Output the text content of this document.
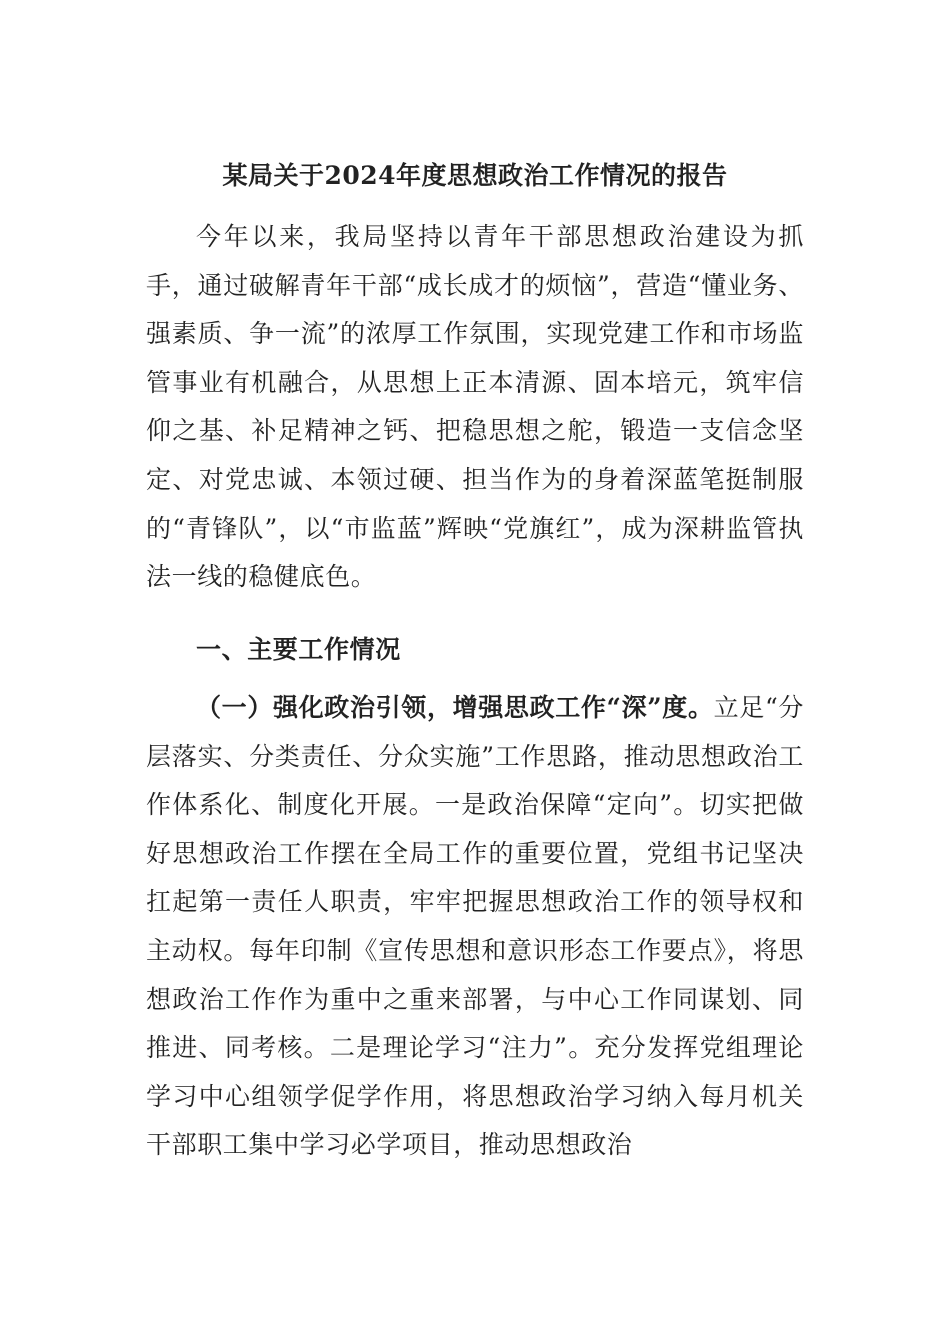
某局关于2024年度思想政治工作情况的报告

今年以来，我局坚持以青年干部思想政治建设为抓手，通过破解青年干部“成长成才的烦恼”，营造“懂业务、强素质、争一流”的浓厚工作氛围，实现党建工作和市场监管事业有机融合，从思想上正本清源、固本培元，筑牢信仰之基、补足精神之钙、把稳思想之舵，锻造一支信念坚定、对党忠诚、本领过硬、担当作为的身着深蓝笔挺制服的“青锋队”，以“市监蓝”辉映“党旗红”，成为深耕监管执法一线的稳健底色。

一、主要工作情况

（一）强化政治引领，增强思政工作“深”度。立足“分层落实、分类责任、分众实施”工作思路，推动思想政治工作体系化、制度化开展。一是政治保障“定向”。切实把做好思想政治工作摆在全局工作的重要位置，党组书记坚决扛起第一责任人职责，牢牢把握思想政治工作的领导权和主动权。每年印制《宣传思想和意识形态工作要点》，将思想政治工作作为重中之重来部署，与中心工作同谋划、同推进、同考核。二是理论学习“注力”。充分发挥党组理论学习中心组领学促学作用，将思想政治学习纳入每月机关干部职工集中学习必学项目，推动思想政治
